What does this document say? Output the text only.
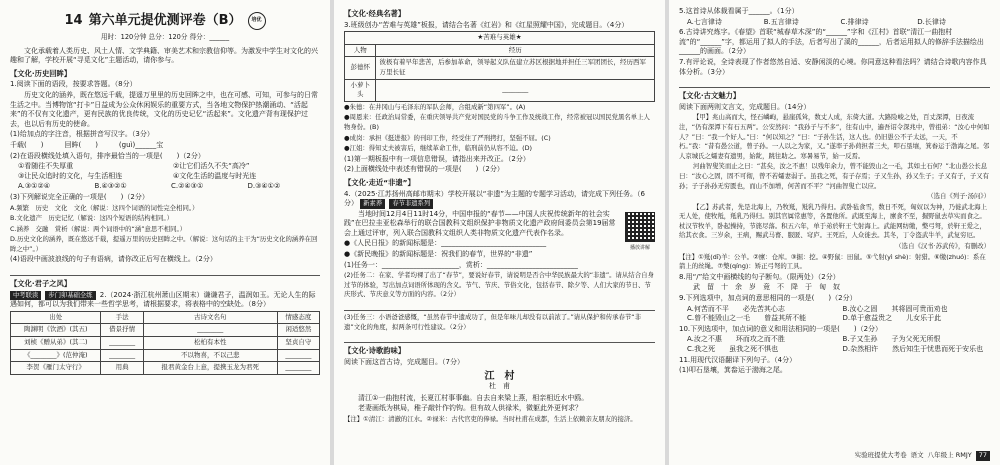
14 第六单元提优测评卷（B）	培优
用时：120分钟 总分：120分 得分：______
文化承载着人类历史、风土人情、文学典籍、审美艺术和宗教信仰等。为激发中学生对文化的兴趣和了解，学校开展“寻觅文化”主题活动，请你参与。
【文化·历史回眸】
1.阅读下面的语段，按要求答题。（8分）
历史文化的涵养，既在悠远千载，提遥万里里的历史回眸之中，也在可感、可知，可参与的日常生活之中。当博物馆“打卡”日益成为公众休闲娱乐的重要方式，当各地文物保护热潮涌动、“活起来”的不仅有文化遗产，更有民族的优良传统，文化的历史记忆“活起来”。文化遗产背有现保护过去，也以后有历史的使命。
(1)给加点的字注音，根据拼音写汉字。（3分）
千载(　　)　　　回眸(　　)　　　(guì)______宝
(2)在语段横线处填入语句，排序最恰当的一项是(　　)（2分）
①看随往不失厚重	②让它们活久不失“高冷”
③让民众追时的文化，与生活相连	④文化生活的温度与时光连
A.③①②④	B.④③②①	C.②④③①	D.③④①②
(3)下列解说完全正确的一项是(　　)（2分）
A.频繁　历史　文化　文化（解说：这四个词语的词性完全相同。）
B.文化遗产　历史记忆（解说：这四个短语的结构相同。）
C.涵养　交融　赏析（解说：两个词语中的“涵”意思不相同。）
D.历史文化的涵养，既在悠远千载，提遥万里的历史回眸之中。（解说：这句话的主干为“历史文化的涵养在回眸之中”。）
(4)语段中画波浪线的句子有语病，请你改正后写在横线上。（2分）
【文化·君子之风】
中考联读 步门卯基础全练 2.（2024·浙江杭州萧山区期末）谦谦君子，温润如玉。无论人生的际遇如何，都可以为我们带来一些哲学思考，请根据要求，将表格中的空缺处。（8分）
出处	手法	古诗文名句	情感态度
陶渊明《饮酒》(其五)	借景抒情	________	闲适悠然
刘桢《赠从弟》(其二)	________	松柏有本性	坚贞自守
《________》(范仲淹)	________	不以物喜，不以己悲	________
李贺《雁门太守行》	用典	报君黄金台上意，提携玉龙为君死	________
【文化·经典名著】
3.班级创办“苦难与英雄”板报，请结合名著《红岩》和《红星照耀中国》，完成题目。（4分）
★苦难与英雄★	
人物	经历
彭德怀	彼极有着早年悲苦，后参加革命，领导起义队伍建立苏区根据地并担任三军团团长，经历西军万里长征
小萝卜头	________
●朱德：在井冈山与毛泽东的军队会师，合组成新“第四军”。(A)
●周恩来：任政治局常委，在重庆领导共产党对国民党的斗争工作及统战工作，经常被冠以国民党黑名单上人物身份。(B)
●成岗：承担《挺进报》的刊印工作，经受住了严刑拷打，坚强不屈。(C)
●江姐：得知丈夫被害后，继续革命工作，临刑前仍从容不迫。(D)
(1)第一期板报中有一项信息错误，请指出来并改正。（2分）
(2)上面横线处中表述有错误的一项是(　　)（2分）
【文化·走近“非遗”】
4.（2025·江苏扬州高邮市期末）学校开展以“非遗”为主题的专题学习活动，请完成下列任务。（6分） 新素养 春节非遗系列
播放讲解
当地时间12月4日11时14分，中国申报的“春节——中国人庆祝传统新年的社会实践”在巴拉圭亚松森举行的联合国教科文组织保护非物质文化遗产政府间委员会第19届常会上通过评审，列入联合国教科文组织人类非物质文化遗产代表作名录。
●《人民日报》的新闻标题是：______________________________
●《新民晚报》的新闻标题是：祝我们的春节，世界的“非遗”
(1)任务一：______________________，赏析：__________________________
(2)任务二：在家、学者均裸了出了“春节”，要说好春节，请说明是否合中华民族最大的“非遗”。请从结合自身过节的体验，写出加点词语所体现的含义。节气、节庆、节俗文化，包括春节、除夕等、人们大家的节日、节庆形式、节庆意义等方面的内容。（2分）
(3)任务三：小语爸爸感慨，“虽然春节中遗成功了，但是年味儿却没有以前浓了。”请从保护和传承春节“非遗”文化的角度，拟两条可行性建议。（2分）
【文化·诗歌韵味】
阅读下面这首古诗，完成题目。（7分）
江　村
杜　甫
清江①一曲抱村流，长夏江村事事幽。自去自来梁上燕，相亲相近水中鸥。
老妻画纸为棋局，稚子敲针作钓钩。但有故人供禄米，微躯此外更何求？
【注】①清江：清澈的江水。②禄米：古代官吏的俸禄。当时杜甫在成都，生活上依赖亲友朋友的接济。
5.这首诗从体裁看属于______。（1分）
A.七言律诗	B.五言律诗	C.排律诗	D.长律诗
6.古诗讲究炼字。《春望》首联“城春草木深”的“______”字和《江村》首联“清江一曲抱村流”的“______”字，都运用了拟人的手法，后者写出了溪的______，后者运用拟人的修辞手法描绘出______的画面。（2分）
7.有评论说，全诗表现了作者悠然自适、安静闲淡的心境。你同意这种看法吗？请结合诗歌内容作具体分析。（3分）
【文化·古文魅力】
阅读下面两则文言文，完成题目。（14分）
【甲】兆山高而大，怪石嶙峋，悬崖孤耸，数丈人成，东倚大道。大路险峻之处，百丈深潭，日夜流注，“仍有深潭下有石五两”。公安然问：“我孙子与不多”，往有山中，遍吾诏令深兆中，曾祖弟：“汝心中何如人？”曰：“我一个好人。”曰：“何以知之？”曰：“子孙生活，这人也。仍旧愚公不子太远，一天，不朽。”我：“昔有愚公道，曾子孙。一人以之为家，又。”遂率子孙荷担者三夫，叩石垦壤，箕畚运于渤海之尾。邻人京城氏之孀妻有遗男，始龀，跳往助之。寒暑易节，始一反焉。
河曲智叟笑而止之曰：“甚矣，汝之不惠！以残年余力，曾不能毁山之一毛，其如土石何？”北山愚公长息曰：“汝心之固，固不可彻，曾不若孀妻弱子。虽我之死，有子存焉；子又生孙，孙又生子；子又有子，子又有孙；子子孙孙无穷匮也，而山不加增，何苦而不平？”河曲智叟亡以应。
（选自《列子·汤问》）
【乙】苏武者，先是北海上，乃牧羝，羝乳乃得归。武卧毡食雪，数日不死，匈奴以为神，乃徙武北海上无人处，使牧羝，羝乳乃得归。别其官属常惠等，各置他所。武既至海上，廪食不至，掘野鼠去草实而食之。杖汉节牧羊，卧起操持，节旄尽落。积五六年，单于弟於靬王弋射海上。武能网纺缴，檠弓弩，於靬王爱之，给其衣食。三岁余，王病，赐武马畜、服匿、穹庐。王死后，人众徙去。其冬，丁令盗武牛羊，武复穷厄。
（选自《汉书·苏武传》，有删改）
【注】①羝(dī)羊：公羊。②廪：仓库。③掘：挖。④野鼠：田鼠。⑤弋射(yì shè)：射猎。⑥缴(zhuó)：系在箭上的丝绳。⑦檠(qíng)：矫正弓弩的工具。
8.用“/”给文中画横线的句子断句。（限两处）（2分）
武　留　十　余　岁　竟　不　降　于　匈　奴
9.下列选项中，加点词的意思相同的一项是(　　)（2分）
A.何苦而不平　　必先苦其心志	B.汝心之固　　其将固可贵而劝也
C.曾不能毁山之一毛　　曾益其所不能	D.单于愈益贵之　　儿女乐于此
10.下列选项中，加点词的意义和用法相同的一项是(　　)（2分）
A.汝之不惠　　环而攻之而不胜	B.子又生孙　　子为父死无所恨
C.我之死　　虽我之死不惧也	D.杂然相许　　然后知生于忧患而死于安乐也
11.用现代汉语翻译下列句子。（4分）
(1)叩石垦壤，箕畚运于渤海之尾。
实验班提优大考卷 语文 八年级上 RMJY	77
